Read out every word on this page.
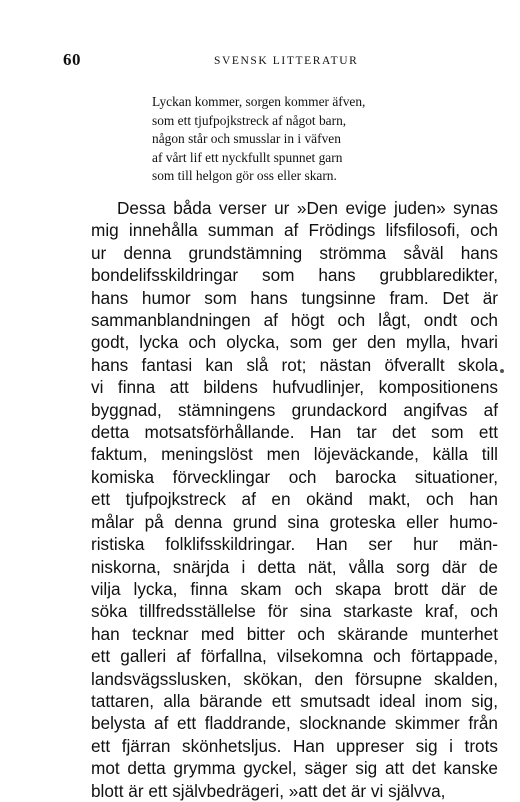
60	SVENSK LITTERATUR
Lyckan kommer, sorgen kommer äfven,
som ett tjufpojkstreck af något barn,
någon står och smusslar in i väfven
af vårt lif ett nyckfullt spunnet garn
som till helgon gör oss eller skarn.
Dessa båda verser ur »Den evige juden» synas
mig innehålla summan af Frödings lifsfilosofi, och
ur denna grundstämning strömma såväl hans
bondelifsskildringar som hans grubblaredikter,
hans humor som hans tungsinne fram. Det är
sammanblandningen af högt och lågt, ondt och
godt, lycka och olycka, som ger den mylla, hvari
hans fantasi kan slå rot; nästan öfverallt skola
vi finna att bildens hufvudlinjer, kompositionens
byggnad, stämningens grundackord angifvas af
detta motsatsförhållande. Han tar det som ett
faktum, meningslöst men löjeväckande, källa till
komiska förvecklingar och barocka situationer,
ett tjufpojkstreck af en okänd makt, och han
målar på denna grund sina groteska eller humo-
ristiska folklifsskildringar. Han ser hur män-
niskorna, snärjda i detta nät, vålla sorg där de
vilja lycka, finna skam och skapa brott där de
söka tillfredsställelse för sina starkaste kraf, och
han tecknar med bitter och skärande munterhet
ett galleri af förfallna, vilsekomna och förtappade,
landsvägsslusken, skökan, den försupne skalden,
tattaren, alla bärande ett smutsadt ideal inom sig,
belysta af ett fladdrande, slocknande skimmer från
ett fjärran skönhetsljus. Han uppreser sig i trots
mot detta grymma gyckel, säger sig att det kanske
blott är ett självbedrägeri, »att det är vi självva,
